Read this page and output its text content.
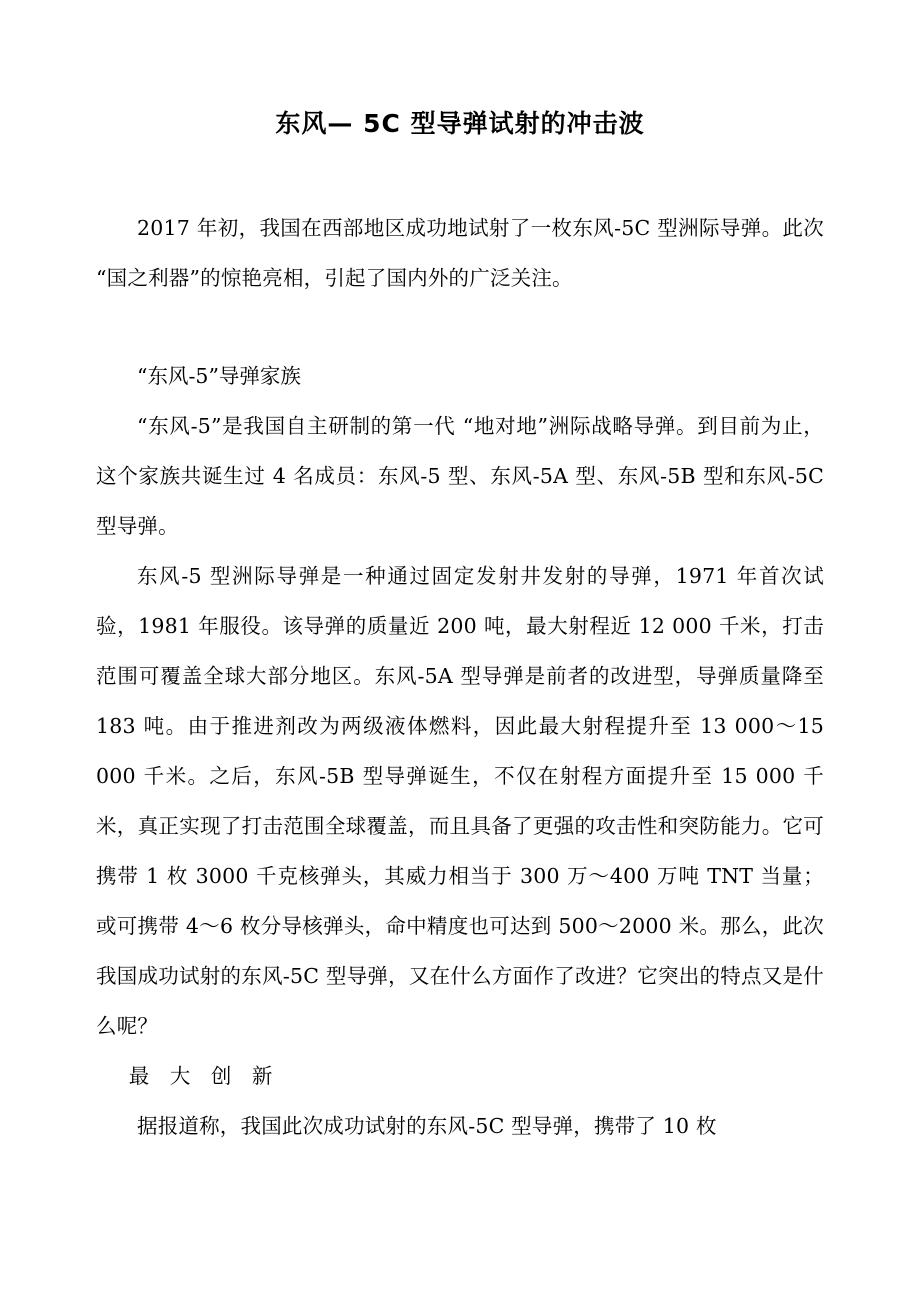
东风— 5C 型导弹试射的冲击波

2017 年初，我国在西部地区成功地试射了一枚东风-5C 型洲际导弹。此次“国之利器”的惊艳亮相，引起了国内外的广泛关注。

“东风-5”导弹家族

“东风-5”是我国自主研制的第一代 “地对地”洲际战略导弹。到目前为止，这个家族共诞生过 4 名成员：东风-5 型、东风-5A 型、东风-5B 型和东风-5C 型导弹。

东风-5 型洲际导弹是一种通过固定发射井发射的导弹，1971 年首次试验，1981 年服役。该导弹的质量近 200 吨，最大射程近 12 000 千米，打击范围可覆盖全球大部分地区。东风-5A 型导弹是前者的改进型，导弹质量降至 183 吨。由于推进剂改为两级液体燃料，因此最大射程提升至 13 000～15 000 千米。之后，东风-5B 型导弹诞生，不仅在射程方面提升至 15 000 千米，真正实现了打击范围全球覆盖，而且具备了更强的攻击性和突防能力。它可携带 1 枚 3000 千克核弹头，其威力相当于 300 万～400 万吨 TNT 当量；或可携带 4～6 枚分导核弹头，命中精度也可达到 500～2000 米。那么，此次我国成功试射的东风-5C 型导弹，又在什么方面作了改进？它突出的特点又是什么呢？

最 大 创 新

据报道称，我国此次成功试射的东风-5C 型导弹，携带了 10 枚
